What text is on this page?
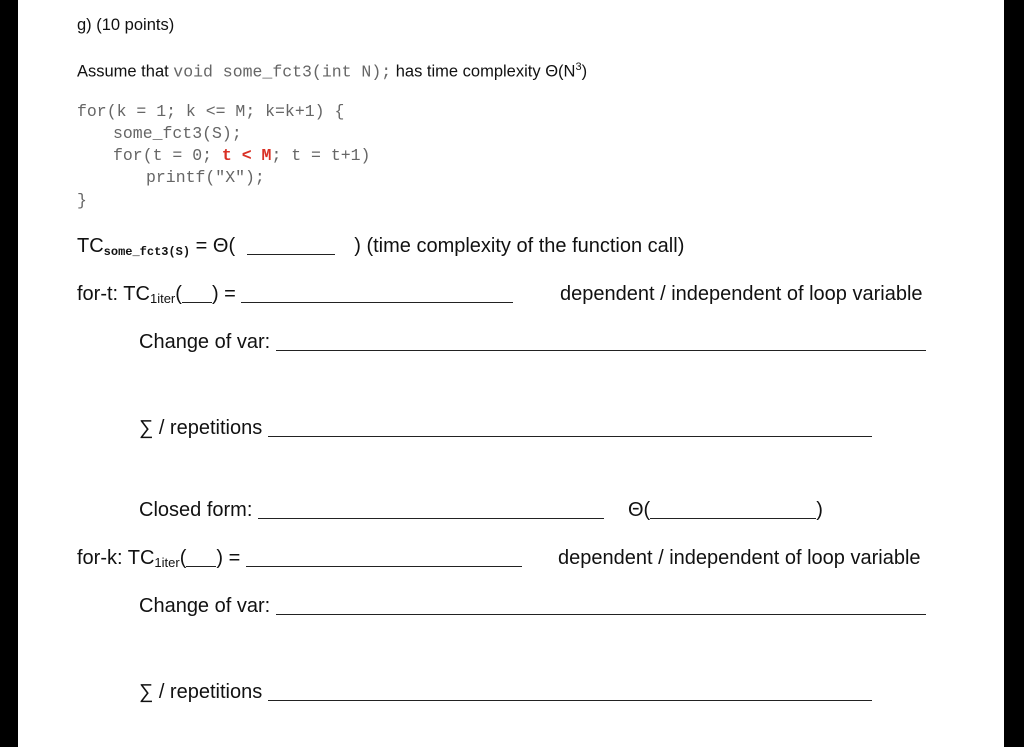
g) (10 points)
Assume that void some_fct3(int N); has time complexity $\Theta(N^3)$
for(k = 1; k <= M; k=k+1) {
some_fct3(S);
for(t = 0; t < M; t = t+1)
printf("X");
}
TCsome_fct3(S) = Θ(	) (time complexity of the function call)
for-t: $TC_{1iter}$( ) =	dependent / independent of loop variable
Change of var:
∑ / repetitions
Closed form:	Θ(	)
for-k: $TC_{1iter}$( ) =	dependent / independent of loop variable
Change of var:
∑ / repetitions
